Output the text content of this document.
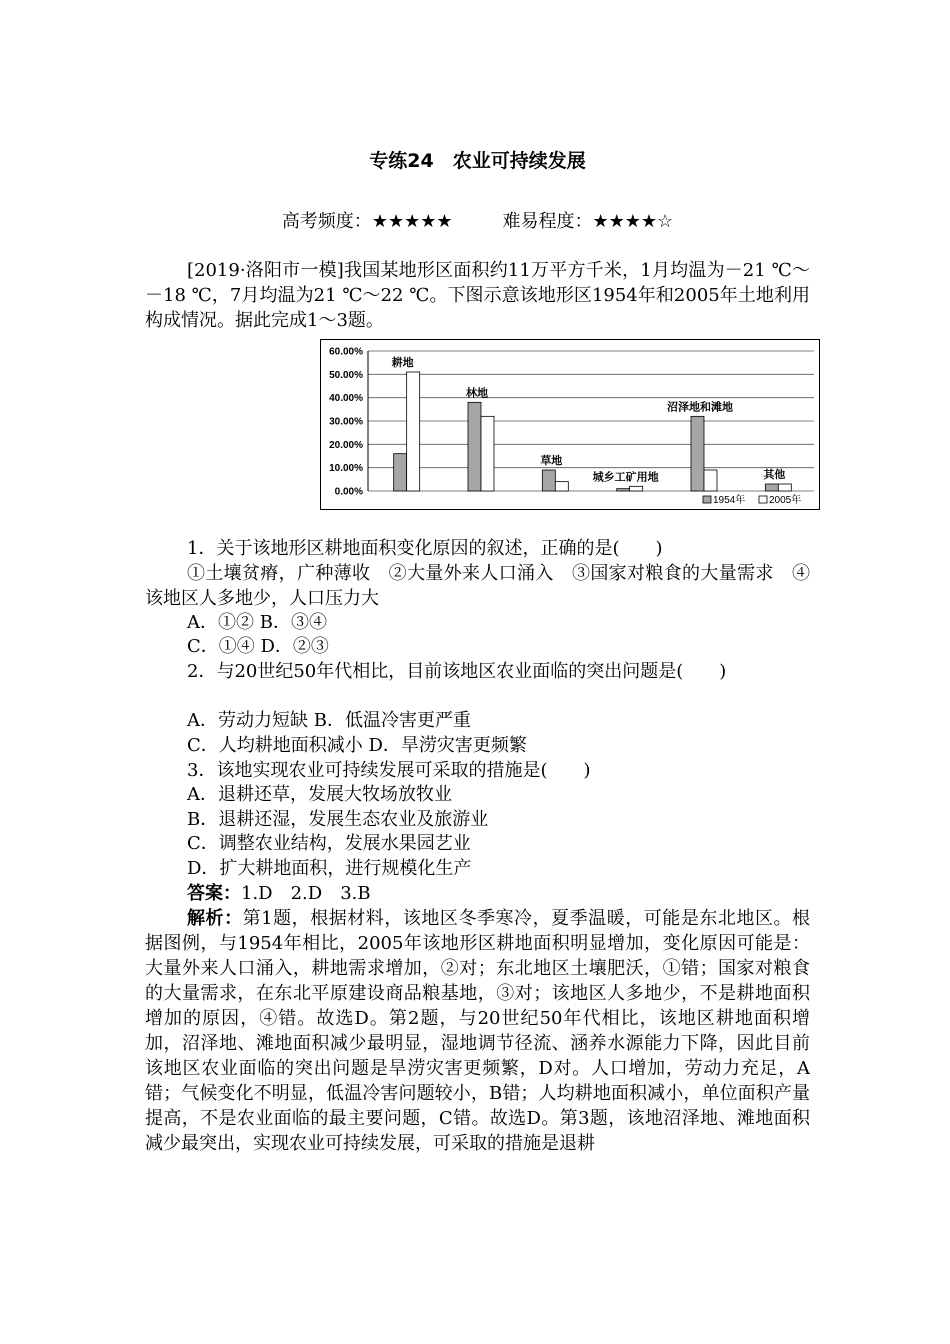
专练24　农业可持续发展
高考频度：★★★★★	难易程度：★★★★☆

[2019·洛阳市一模]我国某地形区面积约11万平方千米，1月均温为－21 ℃～－18 ℃，7月均温为21 ℃～22 ℃。下图示意该地形区1954年和2005年土地利用构成情况。据此完成1～3题。

60.00%
50.00%
40.00%
30.00%
20.00%
10.00%
0.00%
耕地
林地
草地
城乡工矿用地
沼泽地和滩地
其他
1954年 2005年
1．关于该地形区耕地面积变化原因的叙述，正确的是(　　)

①土壤贫瘠，广种薄收　②大量外来人口涌入　③国家对粮食的大量需求　④该地区人多地少，人口压力大

A．①② B．③④
C．①④ D．②③

2．与20世纪50年代相比，目前该地区农业面临的突出问题是(　　)

A．劳动力短缺 B．低温冷害更严重
C．人均耕地面积减小 D．旱涝灾害更频繁
3．该地实现农业可持续发展可采取的措施是(　　)
A．退耕还草，发展大牧场放牧业
B．退耕还湿，发展生态农业及旅游业
C．调整农业结构，发展水果园艺业
D．扩大耕地面积，进行规模化生产
答案：1.D　2.D　3.B

解析：第1题，根据材料，该地区冬季寒冷，夏季温暖，可能是东北地区。根据图例，与1954年相比，2005年该地形区耕地面积明显增加，变化原因可能是：大量外来人口涌入，耕地需求增加，②对；东北地区土壤肥沃，①错；国家对粮食的大量需求，在东北平原建设商品粮基地，③对；该地区人多地少，不是耕地面积增加的原因，④错。故选D。第2题，与20世纪50年代相比，该地区耕地面积增加，沼泽地、滩地面积减少最明显，湿地调节径流、涵养水源能力下降，因此目前该地区农业面临的突出问题是旱涝灾害更频繁，D对。人口增加，劳动力充足，A错；气候变化不明显，低温冷害问题较小，B错；人均耕地面积减小，单位面积产量提高，不是农业面临的最主要问题，C错。故选D。第3题，该地沼泽地、滩地面积减少最突出，实现农业可持续发展，可采取的措施是退耕
